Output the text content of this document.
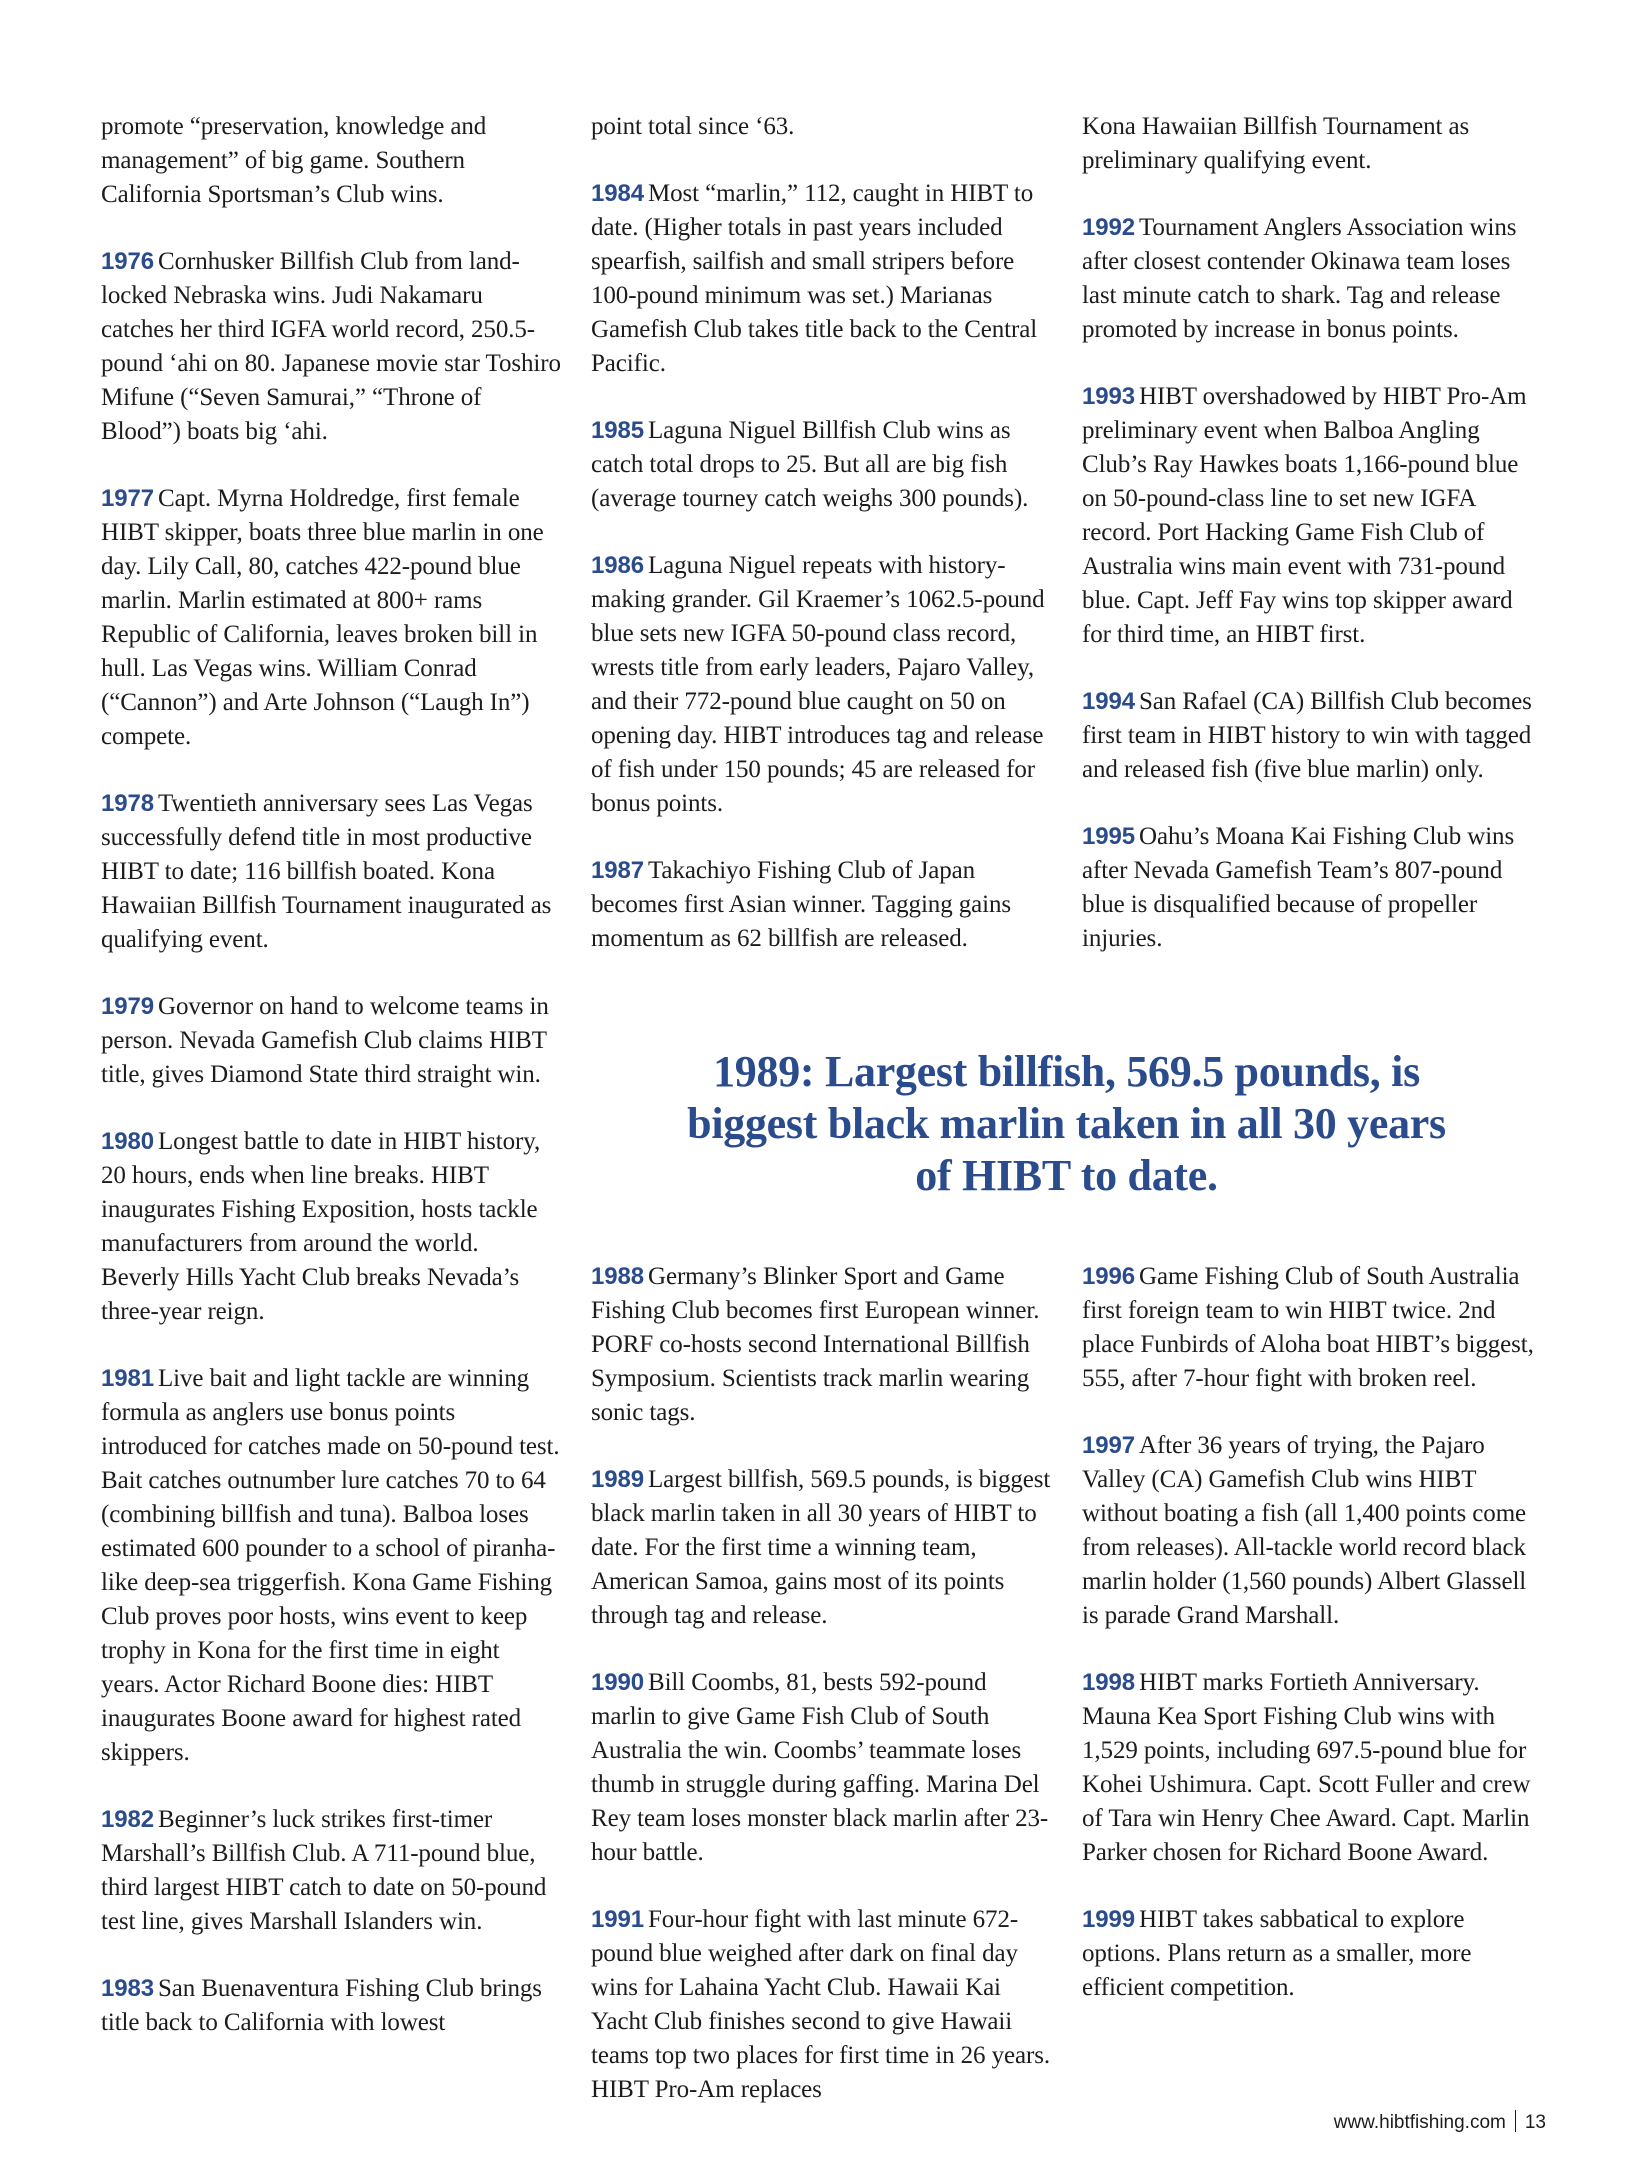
promote “preservation, knowledge and management” of big game. Southern California Sportsman’s Club wins.

1976 Cornhusker Billfish Club from land-locked Nebraska wins. Judi Nakamaru catches her third IGFA world record, 250.5-pound ‘ahi on 80. Japanese movie star Toshiro Mifune (“Seven Samurai,” “Throne of Blood”) boats big ‘ahi.

1977 Capt. Myrna Holdredge, first female HIBT skipper, boats three blue marlin in one day. Lily Call, 80, catches 422-pound blue marlin. Marlin estimated at 800+ rams Republic of California, leaves broken bill in hull. Las Vegas wins. William Conrad (“Cannon”) and Arte Johnson (“Laugh In”) compete.

1978 Twentieth anniversary sees Las Vegas successfully defend title in most productive HIBT to date; 116 billfish boated. Kona Hawaiian Billfish Tournament inaugurated as qualifying event.

1979 Governor on hand to welcome teams in person. Nevada Gamefish Club claims HIBT title, gives Diamond State third straight win.

1980 Longest battle to date in HIBT history, 20 hours, ends when line breaks. HIBT inaugurates Fishing Exposition, hosts tackle manufacturers from around the world. Beverly Hills Yacht Club breaks Nevada’s three-year reign.

1981 Live bait and light tackle are winning formula as anglers use bonus points introduced for catches made on 50-pound test. Bait catches outnumber lure catches 70 to 64 (combining billfish and tuna). Balboa loses estimated 600 pounder to a school of piranha-like deep-sea triggerfish. Kona Game Fishing Club proves poor hosts, wins event to keep trophy in Kona for the first time in eight years. Actor Richard Boone dies: HIBT inaugurates Boone award for highest rated skippers.

1982 Beginner’s luck strikes first-timer Marshall’s Billfish Club. A 711-pound blue, third largest HIBT catch to date on 50-pound test line, gives Marshall Islanders win.

1983 San Buenaventura Fishing Club brings title back to California with lowest

point total since ‘63.

1984 Most “marlin,” 112, caught in HIBT to date. (Higher totals in past years included spearfish, sailfish and small stripers before 100-pound minimum was set.) Marianas Gamefish Club takes title back to the Central Pacific.

1985 Laguna Niguel Billfish Club wins as catch total drops to 25. But all are big fish (average tourney catch weighs 300 pounds).

1986 Laguna Niguel repeats with history-making grander. Gil Kraemer’s 1062.5-pound blue sets new IGFA 50-pound class record, wrests title from early leaders, Pajaro Valley, and their 772-pound blue caught on 50 on opening day. HIBT introduces tag and release of fish under 150 pounds; 45 are released for bonus points.

1987 Takachiyo Fishing Club of Japan becomes first Asian winner. Tagging gains momentum as 62 billfish are released.

Kona Hawaiian Billfish Tournament as preliminary qualifying event.

1992 Tournament Anglers Association wins after closest contender Okinawa team loses last minute catch to shark. Tag and release promoted by increase in bonus points.

1993 HIBT overshadowed by HIBT Pro-Am preliminary event when Balboa Angling Club’s Ray Hawkes boats 1,166-pound blue on 50-pound-class line to set new IGFA record. Port Hacking Game Fish Club of Australia wins main event with 731-pound blue. Capt. Jeff Fay wins top skipper award for third time, an HIBT first.

1994 San Rafael (CA) Billfish Club becomes first team in HIBT history to win with tagged and released fish (five blue marlin) only.

1995 Oahu’s Moana Kai Fishing Club wins after Nevada Gamefish Team’s 807-pound blue is disqualified because of propeller injuries.

1989: Largest billfish, 569.5 pounds, is
biggest black marlin taken in all 30 years
of HIBT to date.

1988 Germany’s Blinker Sport and Game Fishing Club becomes first European winner. PORF co-hosts second International Billfish Symposium. Scientists track marlin wearing sonic tags.

1989 Largest billfish, 569.5 pounds, is biggest black marlin taken in all 30 years of HIBT to date. For the first time a winning team, American Samoa, gains most of its points through tag and release.

1990 Bill Coombs, 81, bests 592-pound marlin to give Game Fish Club of South Australia the win. Coombs’ teammate loses thumb in struggle during gaffing. Marina Del Rey team loses monster black marlin after 23-hour battle.

1991 Four-hour fight with last minute 672-pound blue weighed after dark on final day wins for Lahaina Yacht Club. Hawaii Kai Yacht Club finishes second to give Hawaii teams top two places for first time in 26 years. HIBT Pro-Am replaces

1996 Game Fishing Club of South Australia first foreign team to win HIBT twice. 2nd place Funbirds of Aloha boat HIBT’s biggest, 555, after 7-hour fight with broken reel.

1997 After 36 years of trying, the Pajaro Valley (CA) Gamefish Club wins HIBT without boating a fish (all 1,400 points come from releases). All-tackle world record black marlin holder (1,560 pounds) Albert Glassell is parade Grand Marshall.

1998 HIBT marks Fortieth Anniversary. Mauna Kea Sport Fishing Club wins with 1,529 points, including 697.5-pound blue for Kohei Ushimura. Capt. Scott Fuller and crew of Tara win Henry Chee Award. Capt. Marlin Parker chosen for Richard Boone Award.

1999 HIBT takes sabbatical to explore options. Plans return as a smaller, more efficient competition.

www.hibtfishing.com 13
